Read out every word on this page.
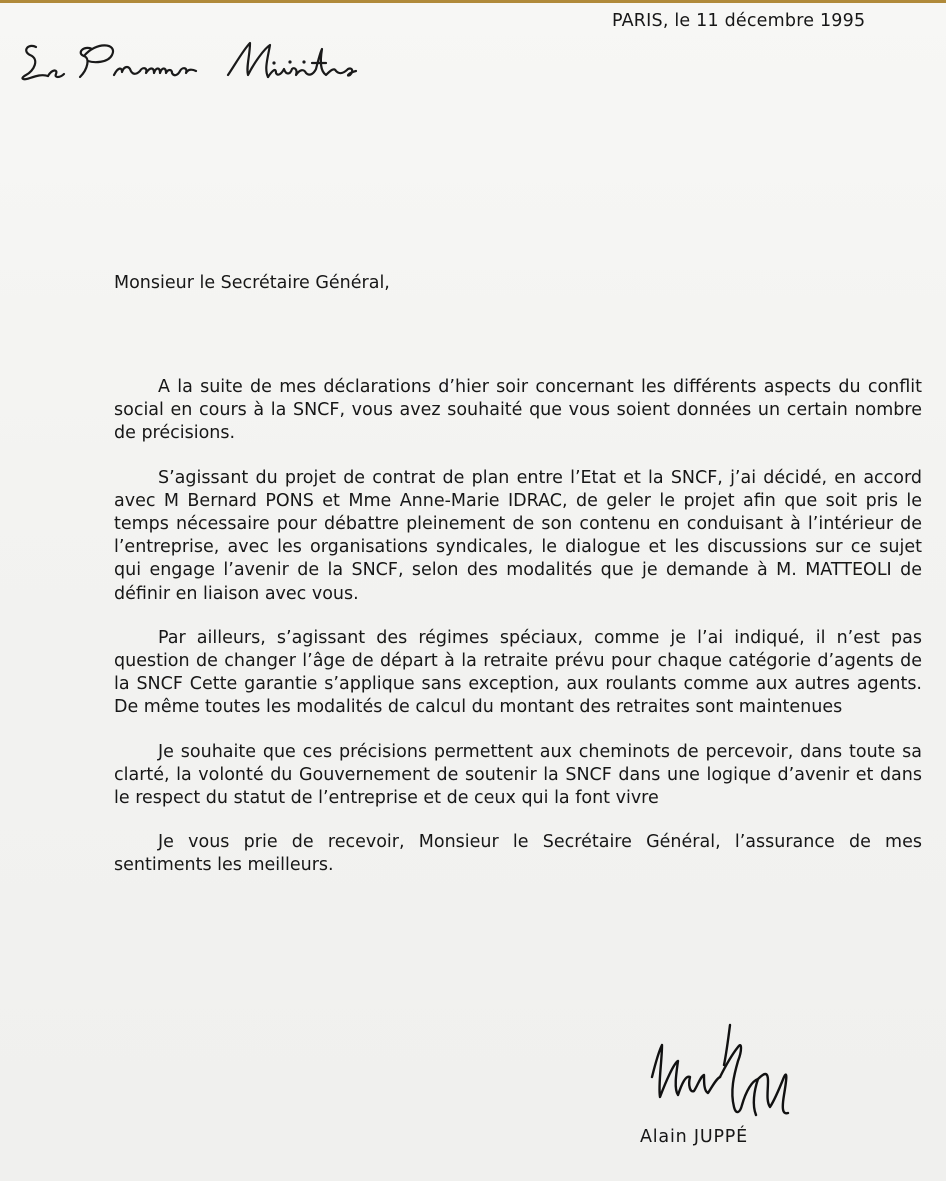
PARIS, le 11 décembre 1995
Monsieur le Secrétaire Général,

A la suite de mes déclarations d’hier soir concernant les différents aspects du conflit social en cours à la SNCF, vous avez souhaité que vous soient données un certain nombre de précisions.

S’agissant du projet de contrat de plan entre l’Etat et la SNCF, j’ai décidé, en accord avec M Bernard PONS et Mme Anne-Marie IDRAC, de geler le projet afin que soit pris le temps nécessaire pour débattre pleinement de son contenu en conduisant à l’intérieur de l’entreprise, avec les organisations syndicales, le dialogue et les discussions sur ce sujet qui engage l’avenir de la SNCF, selon des modalités que je demande à M. MATTEOLI de définir en liaison avec vous.

Par ailleurs, s’agissant des régimes spéciaux, comme je l’ai indiqué, il n’est pas question de changer l’âge de départ à la retraite prévu pour chaque catégorie d’agents de la SNCF Cette garantie s’applique sans exception, aux roulants comme aux autres agents. De même toutes les modalités de calcul du montant des retraites sont maintenues

Je souhaite que ces précisions permettent aux cheminots de percevoir, dans toute sa clarté, la volonté du Gouvernement de soutenir la SNCF dans une logique d’avenir et dans le respect du statut de l’entreprise et de ceux qui la font vivre

Je vous prie de recevoir, Monsieur le Secrétaire Général, l’assurance de mes sentiments les meilleurs.

Alain JUPPÉ
